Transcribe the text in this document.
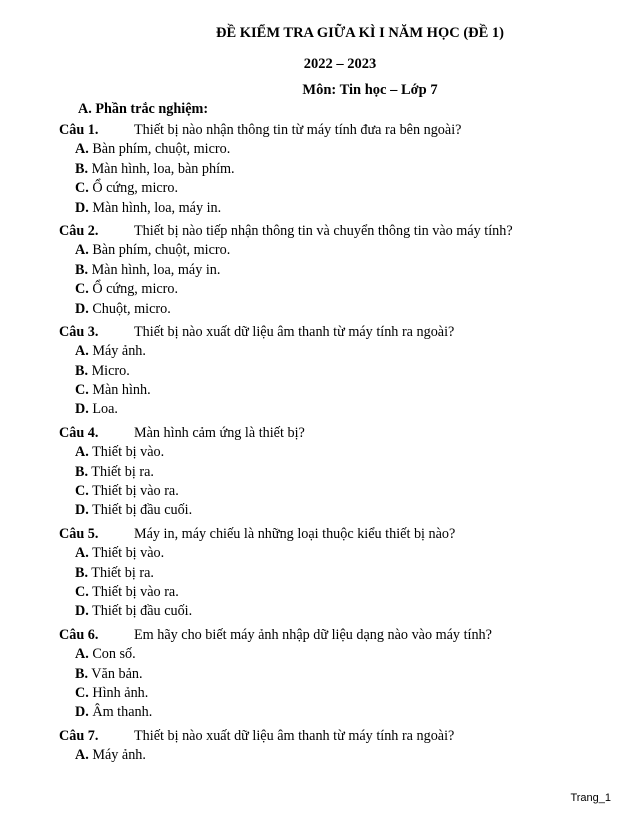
ĐỀ KIỂM TRA GIỮA KÌ I NĂM HỌC (ĐỀ 1)
2022 – 2023
Môn: Tin học – Lớp 7
A. Phần trắc nghiệm:
Câu 1.	Thiết bị nào nhận thông tin từ máy tính đưa ra bên ngoài?
A. Bàn phím, chuột, micro.
B. Màn hình, loa, bàn phím.
C. Ổ cứng, micro.
D. Màn hình, loa, máy in.
Câu 2.	Thiết bị nào tiếp nhận thông tin và chuyển thông tin vào máy tính?
A. Bàn phím, chuột, micro.
B. Màn hình, loa, máy in.
C. Ổ cứng, micro.
D. Chuột, micro.
Câu 3.	Thiết bị nào xuất dữ liệu âm thanh từ máy tính ra ngoài?
A. Máy ảnh.
B. Micro.
C. Màn hình.
D. Loa.
Câu 4.	Màn hình cảm ứng là thiết bị?
A. Thiết bị vào.
B. Thiết bị ra.
C. Thiết bị vào ra.
D. Thiết bị đầu cuối.
Câu 5.	Máy in, máy chiếu là những loại thuộc kiểu thiết bị nào?
A. Thiết bị vào.
B. Thiết bị ra.
C. Thiết bị vào ra.
D. Thiết bị đầu cuối.
Câu 6.	Em hãy cho biết máy ảnh nhập dữ liệu dạng nào vào máy tính?
A. Con số.
B. Văn bản.
C. Hình ảnh.
D. Âm thanh.
Câu 7.	Thiết bị nào xuất dữ liệu âm thanh từ máy tính ra ngoài?
A. Máy ảnh.
Trang_1
